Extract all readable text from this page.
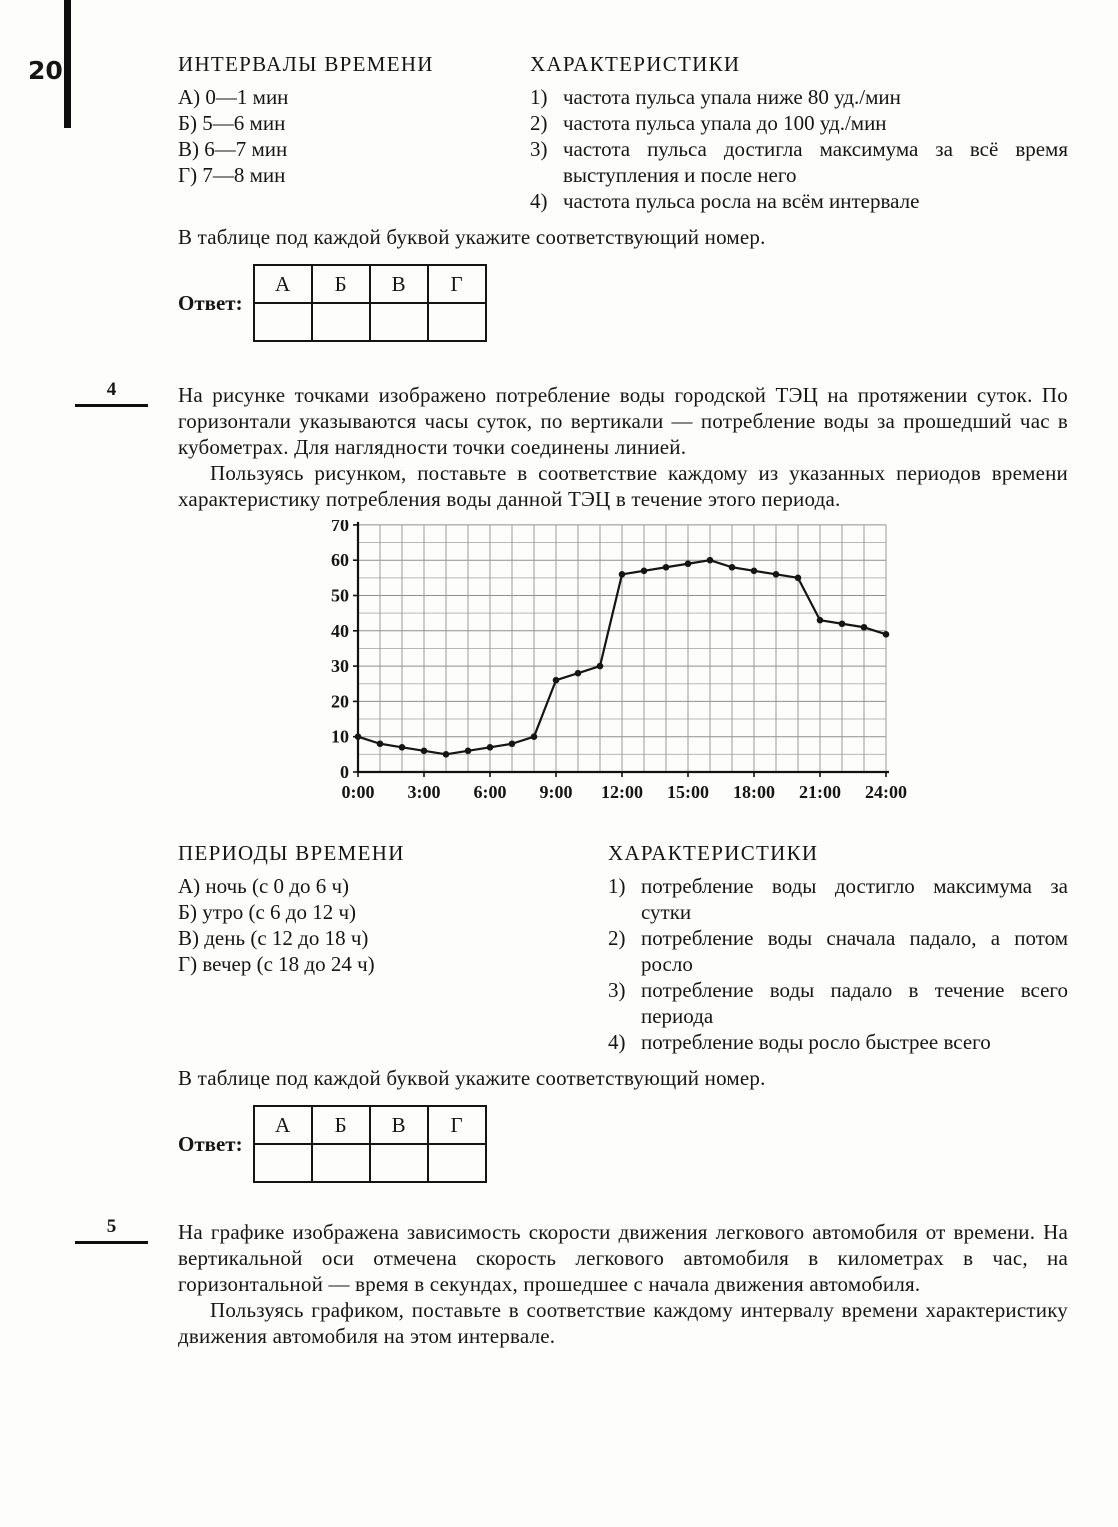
20	ИНТЕРВАЛЫ ВРЕМЕНИ
А) 0—1 мин
Б) 5—6 мин
В) 6—7 мин
Г) 7—8 мин
ХАРАКТЕРИСТИКИ
1) частота пульса упала ниже 80 уд./мин
2) частота пульса упала до 100 уд./мин
3) частота пульса достигла максимума за всё время выступления и после него
4) частота пульса росла на всём интервале

В таблице под каждой буквой укажите соответствующий номер.

Ответ:
А	Б	В	Г

4	На рисунке точками изображено потребление воды городской ТЭЦ на протяжении суток. По горизонтали указываются часы суток, по вертикали — потребление воды за прошедший час в кубометрах. Для наглядности точки соединены линией.

Пользуясь рисунком, поставьте в соответствие каждому из указанных периодов времени характеристику потребления воды данной ТЭЦ в течение этого периода.

0
10
20
30
40
50
60
70
0:00 3:00 6:00 9:00 12:00 15:00 18:00 21:00 24:00
ПЕРИОДЫ ВРЕМЕНИ
А) ночь (с 0 до 6 ч)
Б) утро (с 6 до 12 ч)
В) день (с 12 до 18 ч)
Г) вечер (с 18 до 24 ч)
ХАРАКТЕРИСТИКИ
1) потребление воды достигло максимума за сутки
2) потребление воды сначала падало, а потом росло
3) потребление воды падало в течение всего периода
4) потребление воды росло быстрее всего

В таблице под каждой буквой укажите соответствующий номер.

Ответ:
А	Б	В	Г

5	На графике изображена зависимость скорости движения легкового автомобиля от времени. На вертикальной оси отмечена скорость легкового автомобиля в километрах в час, на горизонтальной — время в секундах, прошедшее с начала движения автомобиля.

Пользуясь графиком, поставьте в соответствие каждому интервалу времени характеристику движения автомобиля на этом интервале.
